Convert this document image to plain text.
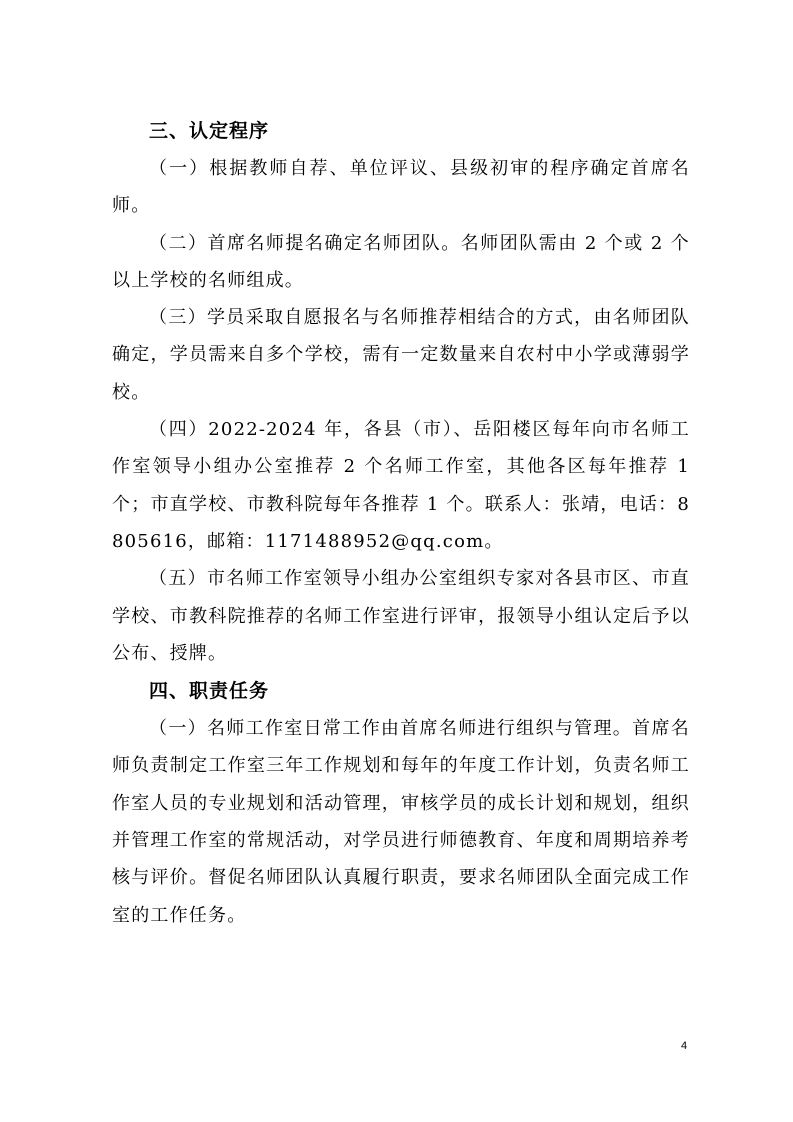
三、认定程序

（一）根据教师自荐、单位评议、县级初审的程序确定首席名师。

（二）首席名师提名确定名师团队。名师团队需由 2 个或 2 个以上学校的名师组成。

（三）学员采取自愿报名与名师推荐相结合的方式，由名师团队确定，学员需来自多个学校，需有一定数量来自农村中小学或薄弱学校。

（四）2022-2024 年，各县（市）、岳阳楼区每年向市名师工作室领导小组办公室推荐 2 个名师工作室，其他各区每年推荐 1 个；市直学校、市教科院每年各推荐 1 个。联系人：张靖，电话：8805616，邮箱：1171488952@qq.com。

（五）市名师工作室领导小组办公室组织专家对各县市区、市直学校、市教科院推荐的名师工作室进行评审，报领导小组认定后予以公布、授牌。

四、职责任务

（一）名师工作室日常工作由首席名师进行组织与管理。首席名师负责制定工作室三年工作规划和每年的年度工作计划，负责名师工作室人员的专业规划和活动管理，审核学员的成长计划和规划，组织并管理工作室的常规活动，对学员进行师德教育、年度和周期培养考核与评价。督促名师团队认真履行职责，要求名师团队全面完成工作室的工作任务。

4
